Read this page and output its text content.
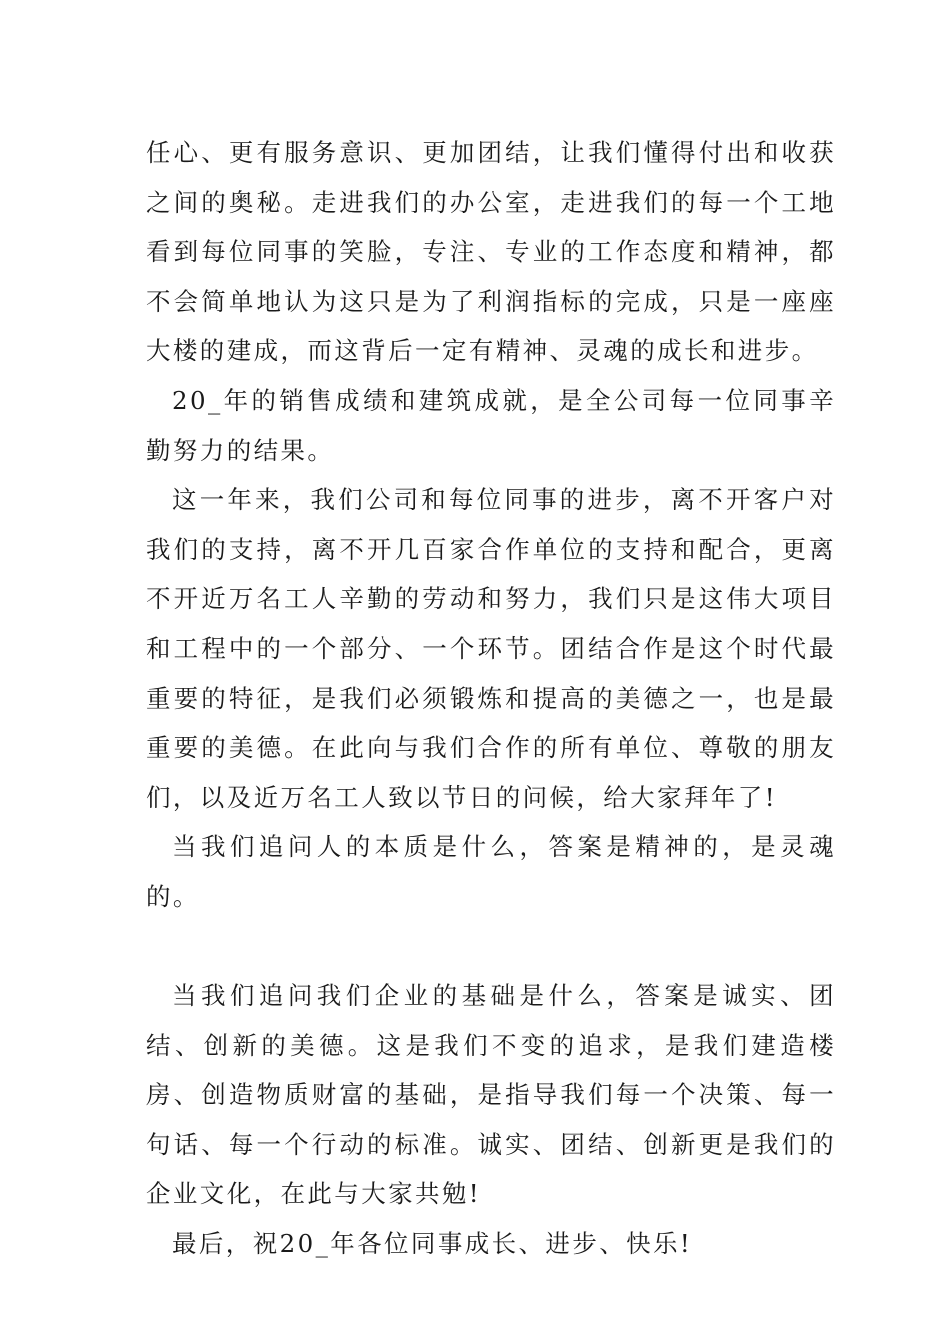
任心、更有服务意识、更加团结，让我们懂得付出和收获之间的奥秘。走进我们的办公室，走进我们的每一个工地看到每位同事的笑脸，专注、专业的工作态度和精神，都不会简单地认为这只是为了利润指标的完成，只是一座座大楼的建成，而这背后一定有精神、灵魂的成长和进步。

20_年的销售成绩和建筑成就，是全公司每一位同事辛勤努力的结果。

这一年来，我们公司和每位同事的进步，离不开客户对我们的支持，离不开几百家合作单位的支持和配合，更离不开近万名工人辛勤的劳动和努力，我们只是这伟大项目和工程中的一个部分、一个环节。团结合作是这个时代最重要的特征，是我们必须锻炼和提高的美德之一，也是最重要的美德。在此向与我们合作的所有单位、尊敬的朋友们，以及近万名工人致以节日的问候，给大家拜年了!

当我们追问人的本质是什么，答案是精神的，是灵魂的。

当我们追问我们企业的基础是什么，答案是诚实、团结、创新的美德。这是我们不变的追求，是我们建造楼房、创造物质财富的基础，是指导我们每一个决策、每一句话、每一个行动的标准。诚实、团结、创新更是我们的企业文化，在此与大家共勉!

最后，祝20_年各位同事成长、进步、快乐!
